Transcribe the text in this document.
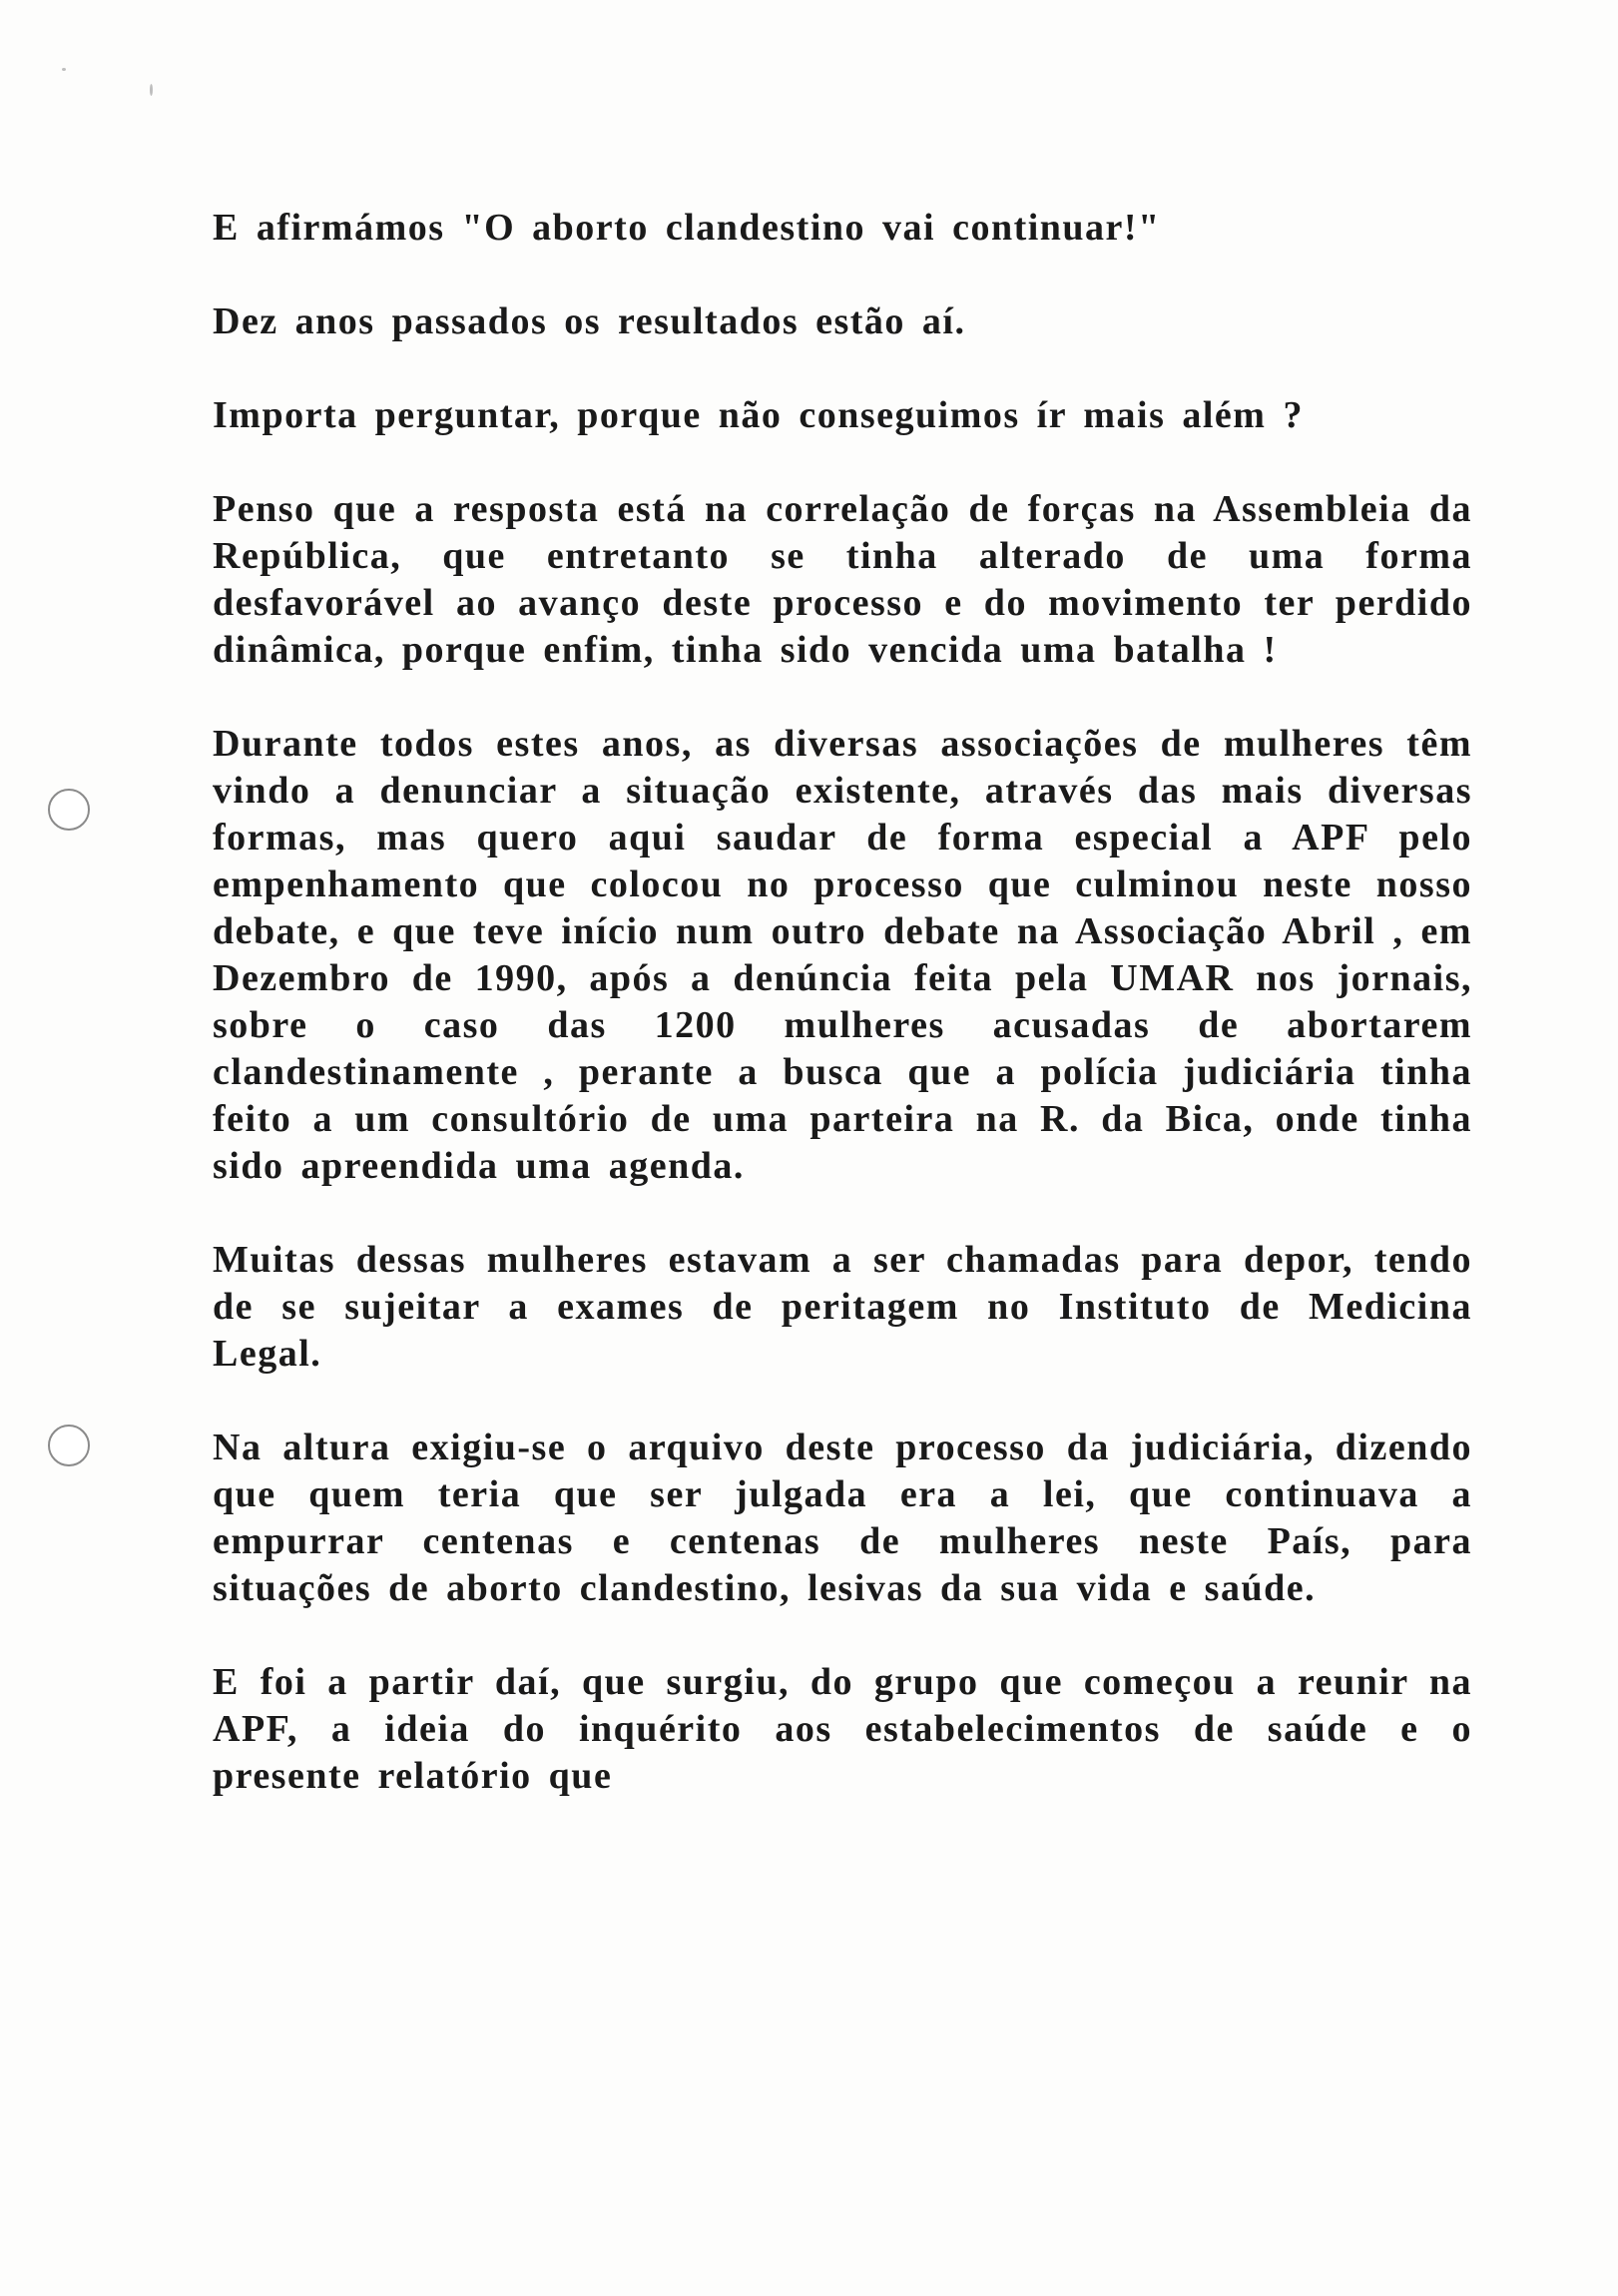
E afirmámos "O aborto clandestino vai continuar!"

Dez anos passados os resultados estão aí.

Importa perguntar, porque não conseguimos ír mais além ?

Penso que a resposta está na correlação de forças na Assembleia da República, que entretanto se tinha alterado de uma forma desfavorável ao avanço deste processo e do movimento ter perdido dinâmica, porque enfim, tinha sido vencida uma batalha !

Durante todos estes anos, as diversas associações de mulheres têm vindo a denunciar a situação existente, através das mais diversas formas, mas quero aqui saudar de forma especial a APF pelo empenhamento que colocou no processo que culminou neste nosso debate, e que teve início num outro debate na Associação Abril , em Dezembro de 1990, após a denúncia feita pela UMAR nos jornais, sobre o caso das 1200 mulheres acusadas de abortarem clandestinamente , perante a busca que a polícia judiciária tinha feito a um consultório de uma parteira na R. da Bica, onde tinha sido apreendida uma agenda.

Muitas dessas mulheres estavam a ser chamadas para depor, tendo de se sujeitar a exames de peritagem no Instituto de Medicina Legal.

Na altura exigiu-se o arquivo deste processo da judiciária, dizendo que quem teria que ser julgada era a lei, que continuava a empurrar centenas e centenas de mulheres neste País, para situações de aborto clandestino, lesivas da sua vida e saúde.

E foi a partir daí, que surgiu, do grupo que começou a reunir na APF, a ideia do inquérito aos estabelecimentos de saúde e o presente relatório que
